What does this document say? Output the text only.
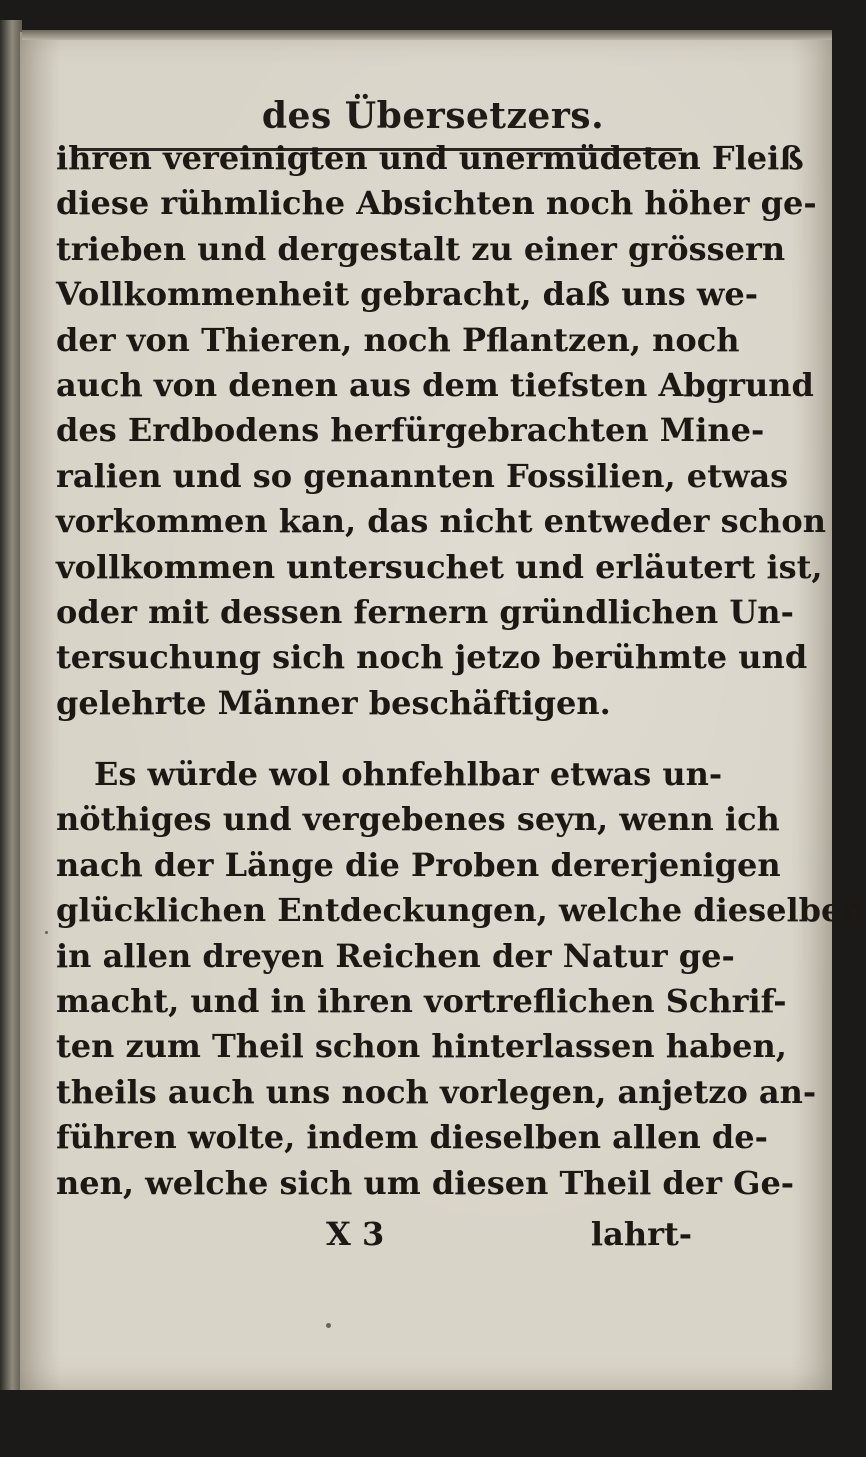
des Übersetzers.
ihren vereinigten und unermüdeten Fleiß
diese rühmliche Absichten noch höher ge-
trieben und dergestalt zu einer grössern
Vollkommenheit gebracht, daß uns we-
der von Thieren, noch Pflantzen, noch
auch von denen aus dem tiefsten Abgrund
des Erdbodens herfürgebrachten Mine-
ralien und so genannten Fossilien, etwas
vorkommen kan, das nicht entweder schon
vollkommen untersuchet und erläutert ist,
oder mit dessen fernern gründlichen Un-
tersuchung sich noch jetzo berühmte und
gelehrte Männer beschäftigen.
Es würde wol ohnfehlbar etwas un-
nöthiges und vergebenes seyn, wenn ich
nach der Länge die Proben dererjenigen
glücklichen Entdeckungen, welche dieselben
in allen dreyen Reichen der Natur ge-
macht, und in ihren vortreflichen Schrif-
ten zum Theil schon hinterlassen haben,
theils auch uns noch vorlegen, anjetzo an-
führen wolte, indem dieselben allen de-
nen, welche sich um diesen Theil der Ge-
X 3	lahrt-
